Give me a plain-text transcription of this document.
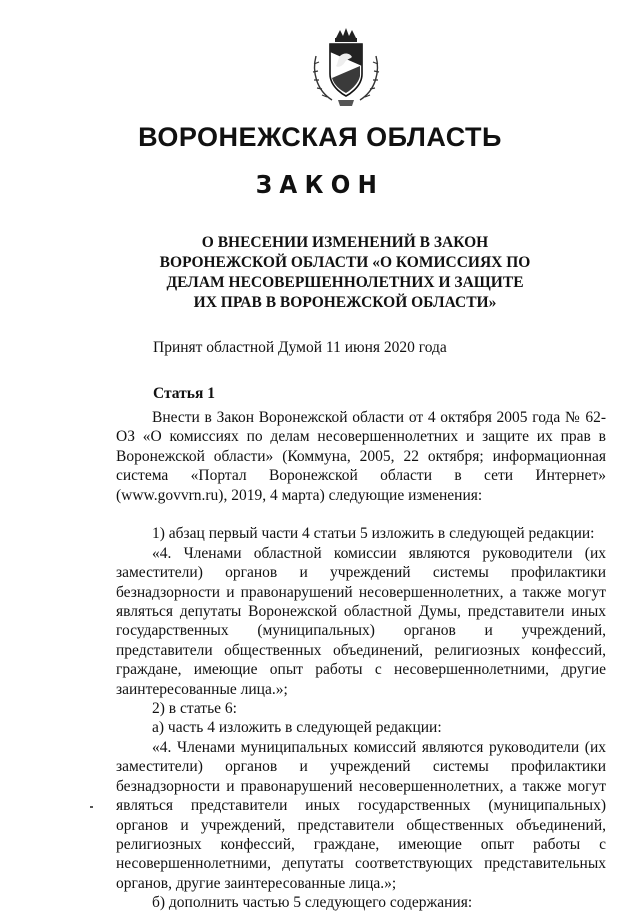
ВОРОНЕЖСКАЯ ОБЛАСТЬ
ЗАКОН
О ВНЕСЕНИИ ИЗМЕНЕНИЙ В ЗАКОН
ВОРОНЕЖСКОЙ ОБЛАСТИ «О КОМИССИЯХ ПО
ДЕЛАМ НЕСОВЕРШЕННОЛЕТНИХ И ЗАЩИТЕ
ИХ ПРАВ В ВОРОНЕЖСКОЙ ОБЛАСТИ»
Принят областной Думой 11 июня 2020 года
Статья 1

Внести в Закон Воронежской области от 4 октября 2005 года № 62-ОЗ «О комиссиях по делам несовершеннолетних и защите их прав в Воронежской области» (Коммуна, 2005, 22 октября; информационная система «Портал Воронежской области в сети Интернет» (www.govvrn.ru), 2019, 4 марта) следующие изменения:

1) абзац первый части 4 статьи 5 изложить в следующей редакции:

«4. Членами областной комиссии являются руководители (их заместители) органов и учреждений системы профилактики безнадзорности и правонарушений несовершеннолетних, а также могут являться депутаты Воронежской областной Думы, представители иных государственных (муниципальных) органов и учреждений, представители общественных объединений, религиозных конфессий, граждане, имеющие опыт работы с несовершеннолетними, другие заинтересованные лица.»;

2) в статье 6:

а) часть 4 изложить в следующей редакции:

«4. Членами муниципальных комиссий являются руководители (их заместители) органов и учреждений системы профилактики безнадзорности и правонарушений несовершеннолетних, а также могут являться представители иных государственных (муниципальных) органов и учреждений, представители общественных объединений, религиозных конфессий, граждане, имеющие опыт работы с несовершеннолетними, депутаты соответствующих представительных органов, другие заинтересованные лица.»;

б) дополнить частью 5 следующего содержания:
